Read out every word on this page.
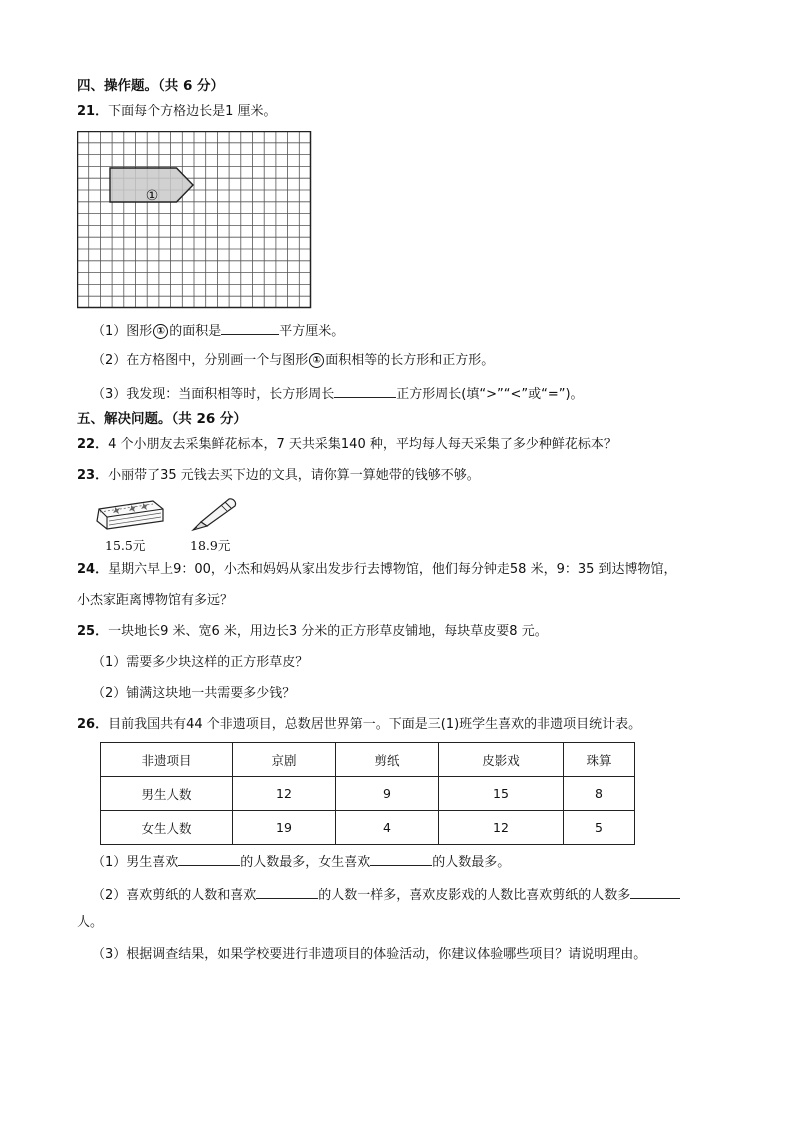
四、操作题。（共 6 分）
21．下面每个方格边长是1 厘米。
①
（1）图形 ① 的面积是	平方厘米。
（2）在方格图中，分别画一个与图形 ① 面积相等的长方形和正方形。
（3）我发现：当面积相等时，长方形周长	正方形周长(填“>”“<”或“=”)。
五、解决问题。（共 26 分）
22．4 个小朋友去采集鲜花标本，7 天共采集140 种，平均每人每天采集了多少种鲜花标本？
23．小丽带了35 元钱去买下边的文具，请你算一算她带的钱够不够。
15.5元	18.9元
24．星期六早上9：00，小杰和妈妈从家出发步行去博物馆，他们每分钟走58 米，9：35 到达博物馆，
小杰家距离博物馆有多远？
25．一块地长9 米、宽6 米，用边长3 分米的正方形草皮铺地，每块草皮要8 元。
（1）需要多少块这样的正方形草皮？
（2）铺满这块地一共需要多少钱？
26．目前我国共有44 个非遗项目，总数居世界第一。下面是三(1)班学生喜欢的非遗项目统计表。
非遗项目	京剧	剪纸	皮影戏	珠算
男生人数	12	9	15	8
女生人数	19	4	12	5
（1）男生喜欢	的人数最多，女生喜欢	的人数最多。
（2）喜欢剪纸的人数和喜欢	的人数一样多，喜欢皮影戏的人数比喜欢剪纸的人数多
人。
（3）根据调查结果，如果学校要进行非遗项目的体验活动，你建议体验哪些项目？请说明理由。
